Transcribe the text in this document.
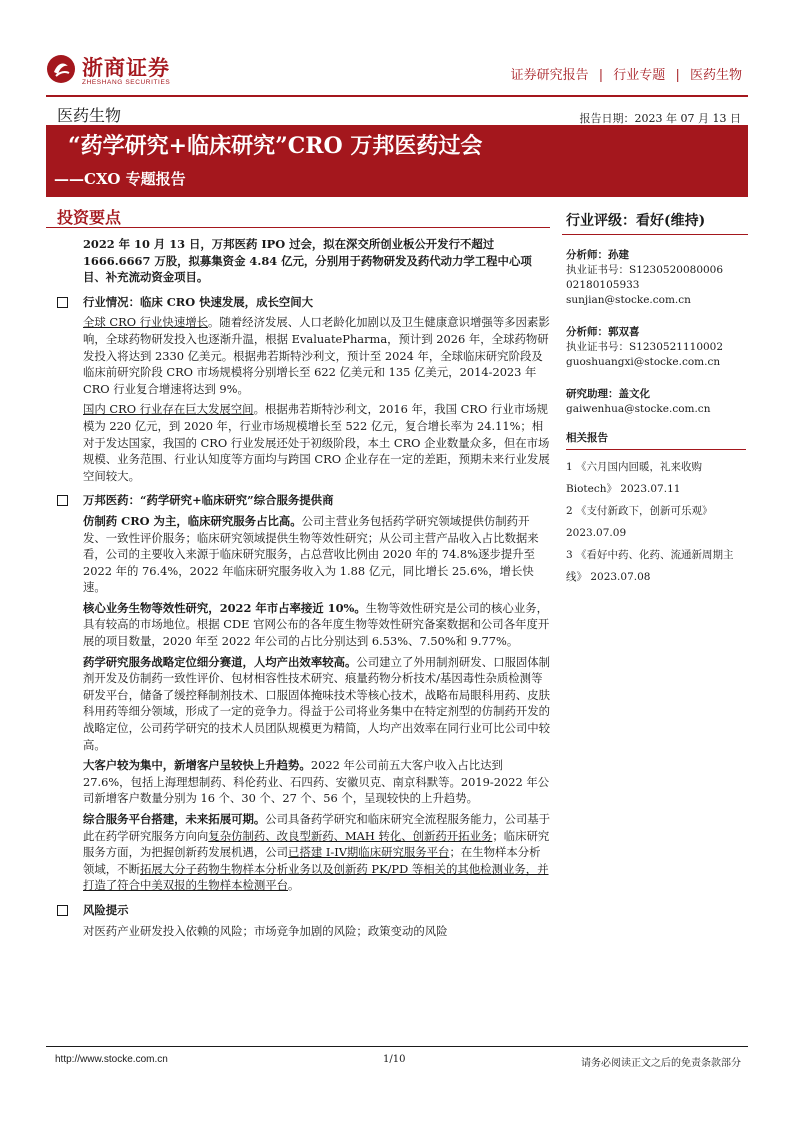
浙商证券
ZHESHANG SECURITIES	证券研究报告 | 行业专题 | 医药生物
医药生物	报告日期：2023 年 07 月 13 日
“药学研究+临床研究”CRO 万邦医药过会
——CXO 专题报告
投资要点

2022 年 10 月 13 日，万邦医药 IPO 过会，拟在深交所创业板公开发行不超过 1666.6667 万股，拟募集资金 4.84 亿元，分别用于药物研发及药代动力学工程中心项目、补充流动资金项目。

行业情况：临床 CRO 快速发展，成长空间大
全球 CRO 行业快速增长。随着经济发展、人口老龄化加剧以及卫生健康意识增强等多因素影响，全球药物研发投入也逐渐升温，根据 EvaluatePharma，预计到 2026 年，全球药物研发投入将达到 2330 亿美元。根据弗若斯特沙利文，预计至 2024 年，全球临床研究阶段及临床前研究阶段 CRO 市场规模将分别增长至 622 亿美元和 135 亿美元，2014-2023 年 CRO 行业复合增速将达到 9%。
国内 CRO 行业存在巨大发展空间。根据弗若斯特沙利文，2016 年，我国 CRO 行业市场规模为 220 亿元，到 2020 年，行业市场规模增长至 522 亿元，复合增长率为 24.11%；相对于发达国家，我国的 CRO 行业发展还处于初级阶段，本土 CRO 企业数量众多，但在市场规模、业务范围、行业认知度等方面均与跨国 CRO 企业存在一定的差距，预期未来行业发展空间较大。
万邦医药：“药学研究+临床研究”综合服务提供商
仿制药 CRO 为主，临床研究服务占比高。公司主营业务包括药学研究领域提供仿制药开发、一致性评价服务；临床研究领域提供生物等效性研究；从公司主营产品收入占比数据来看，公司的主要收入来源于临床研究服务，占总营收比例由 2020 年的 74.8%逐步提升至 2022 年的 76.4%，2022 年临床研究服务收入为 1.88 亿元，同比增长 25.6%，增长快速。
核心业务生物等效性研究，2022 年市占率接近 10%。生物等效性研究是公司的核心业务，具有较高的市场地位。根据 CDE 官网公布的各年度生物等效性研究备案数据和公司各年度开展的项目数量，2020 年至 2022 年公司的占比分别达到 6.53%、7.50%和 9.77%。
药学研究服务战略定位细分赛道，人均产出效率较高。公司建立了外用制剂研发、口服固体制剂开发及仿制药一致性评价、包材相容性技术研究、痕量药物分析技术/基因毒性杂质检测等研发平台，储备了缓控释制剂技术、口服固体掩味技术等核心技术，战略布局眼科用药、皮肤科用药等细分领域，形成了一定的竞争力。得益于公司将业务集中在特定剂型的仿制药开发的战略定位，公司药学研究的技术人员团队规模更为精简，人均产出效率在同行业可比公司中较高。
大客户较为集中，新增客户呈较快上升趋势。2022 年公司前五大客户收入占比达到 27.6%，包括上海理想制药、科伦药业、石四药、安徽贝克、南京科默等。2019-2022 年公司新增客户数量分别为 16 个、30 个、27 个、56 个，呈现较快的上升趋势。
综合服务平台搭建，未来拓展可期。公司具备药学研究和临床研究全流程服务能力，公司基于此在药学研究服务方向向复杂仿制药、改良型新药、MAH 转化、创新药开拓业务；临床研究服务方面，为把握创新药发展机遇，公司已搭建 I-IV期临床研究服务平台；在生物样本分析领域，不断拓展大分子药物生物样本分析业务以及创新药 PK/PD 等相关的其他检测业务，并打造了符合中美双报的生物样本检测平台。
风险提示
对医药产业研发投入依赖的风险；市场竞争加剧的风险；政策变动的风险
行业评级：看好(维持)
分析师：孙建
执业证书号：S1230520080006
02180105933
sunjian@stocke.com.cn
分析师：郭双喜
执业证书号：S1230521110002
guoshuangxi@stocke.com.cn
研究助理：盖文化
gaiwenhua@stocke.com.cn
相关报告
1 《六月国内回暖，礼来收购 Biotech》 2023.07.11
2 《支付新政下，创新可乐观》 2023.07.09
3 《看好中药、化药、流通新周期主线》 2023.07.08
http://www.stocke.com.cn	1/10	请务必阅读正文之后的免责条款部分
